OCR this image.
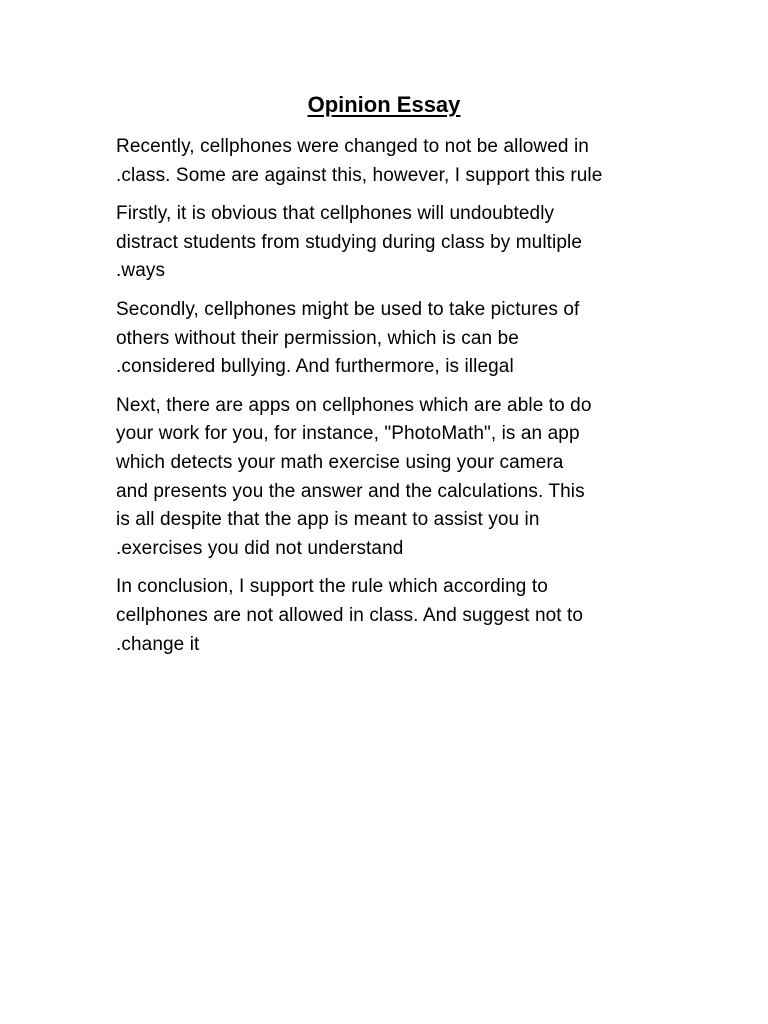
Opinion Essay

Recently, cellphones were changed to not be allowed in
.class. Some are against this, however, I support this rule

Firstly, it is obvious that cellphones will undoubtedly
distract students from studying during class by multiple
.ways

Secondly, cellphones might be used to take pictures of
others without their permission, which is can be
.considered bullying. And furthermore, is illegal

Next, there are apps on cellphones which are able to do
your work for you, for instance, "PhotoMath", is an app
which detects your math exercise using your camera
and presents you the answer and the calculations. This
is all despite that the app is meant to assist you in
.exercises you did not understand

In conclusion, I support the rule which according to
cellphones are not allowed in class. And suggest not to
.change it
